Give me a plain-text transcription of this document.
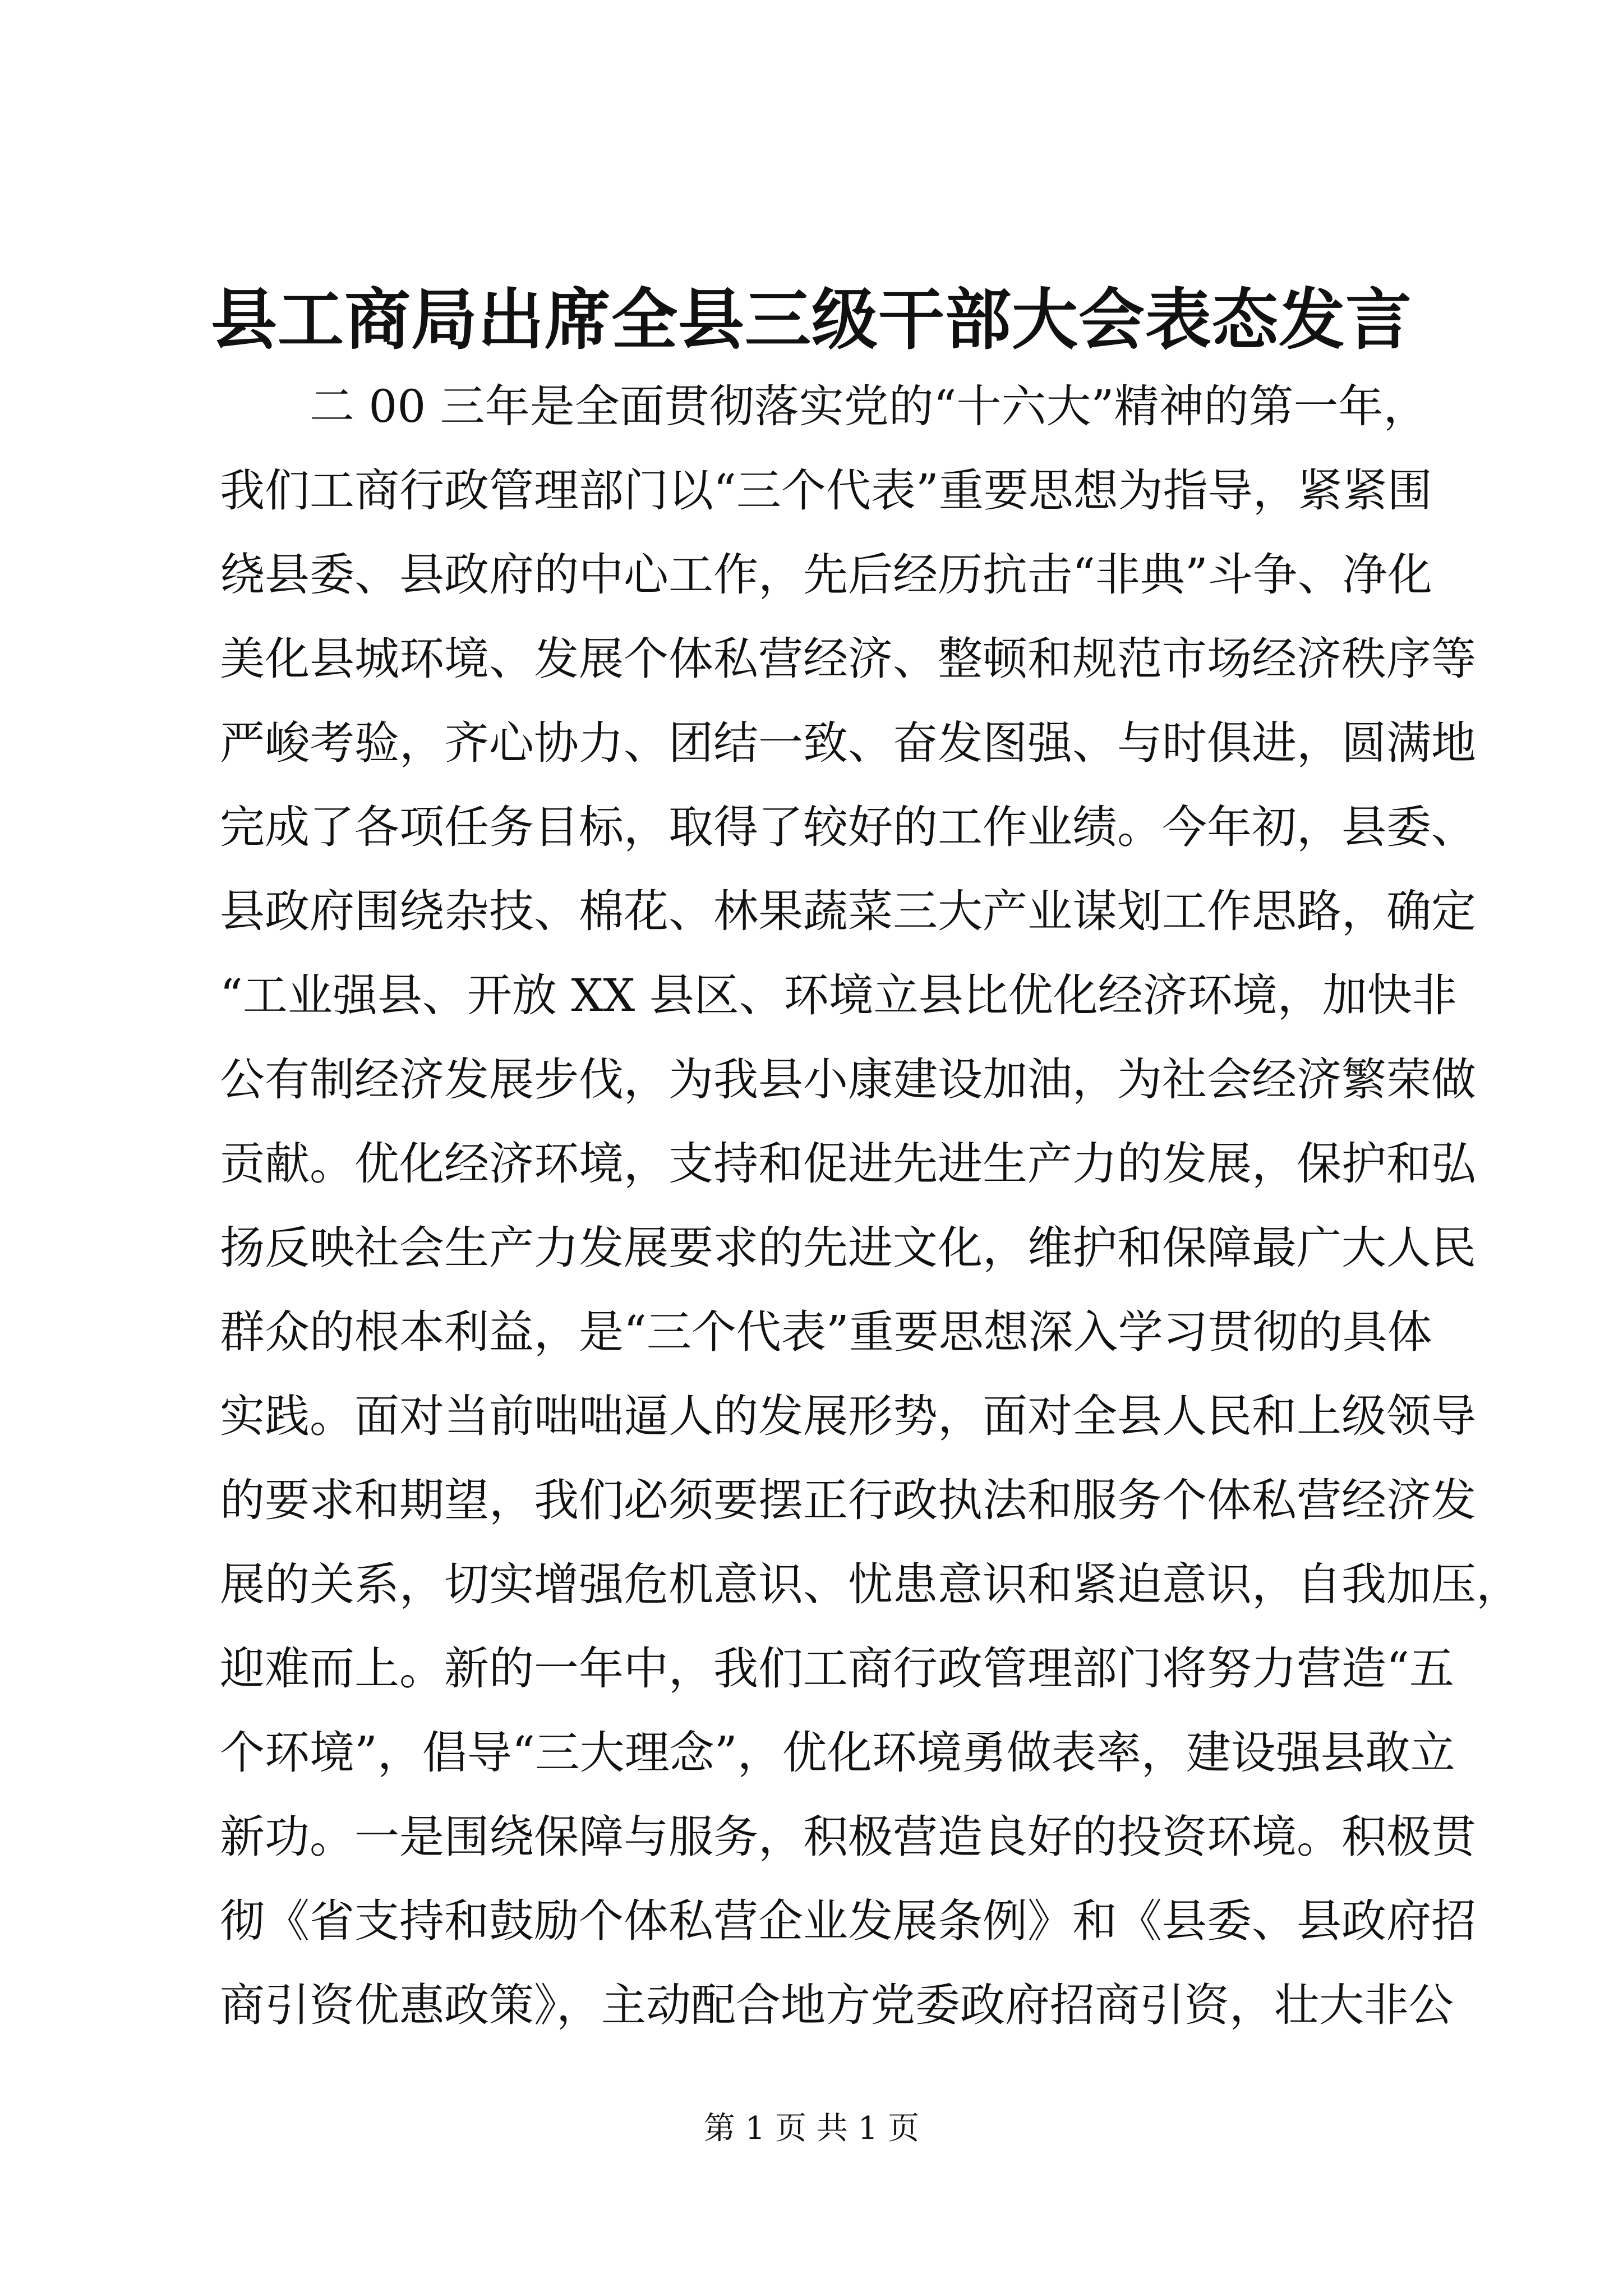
县工商局出席全县三级干部大会表态发言
二 00 三年是全面贯彻落实党的“十六大”精神的第一年，
我们工商行政管理部门以“三个代表”重要思想为指导，紧紧围
绕县委、县政府的中心工作，先后经历抗击“非典”斗争、净化
美化县城环境、发展个体私营经济、整顿和规范市场经济秩序等
严峻考验，齐心协力、团结一致、奋发图强、与时俱进，圆满地
完成了各项任务目标，取得了较好的工作业绩。今年初，县委、
县政府围绕杂技、棉花、林果蔬菜三大产业谋划工作思路，确定
“工业强县、开放 XX 县区、环境立县比优化经济环境，加快非
公有制经济发展步伐，为我县小康建设加油，为社会经济繁荣做
贡献。优化经济环境，支持和促进先进生产力的发展，保护和弘
扬反映社会生产力发展要求的先进文化，维护和保障最广大人民
群众的根本利益，是“三个代表”重要思想深入学习贯彻的具体
实践。面对当前咄咄逼人的发展形势，面对全县人民和上级领导
的要求和期望，我们必须要摆正行政执法和服务个体私营经济发
展的关系，切实增强危机意识、忧患意识和紧迫意识，自我加压，
迎难而上。新的一年中，我们工商行政管理部门将努力营造“五
个环境”，倡导“三大理念”，优化环境勇做表率，建设强县敢立
新功。一是围绕保障与服务，积极营造良好的投资环境。积极贯
彻《省支持和鼓励个体私营企业发展条例》和《县委、县政府招
商引资优惠政策》，主动配合地方党委政府招商引资，壮大非公
第 1 页 共 1 页
